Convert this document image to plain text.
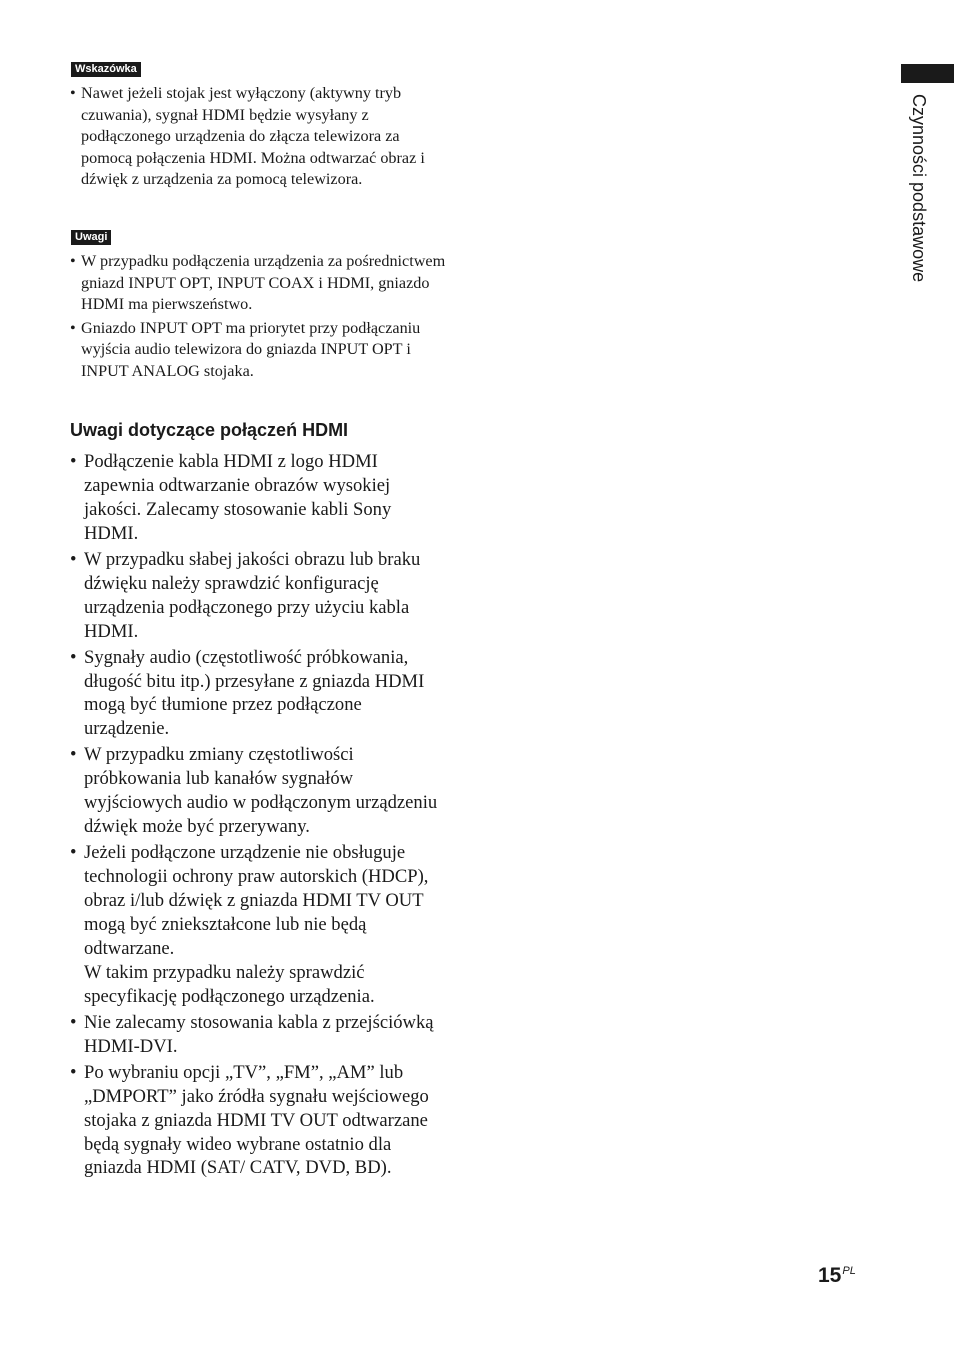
Wskazówka
• Nawet jeżeli stojak jest wyłączony (aktywny tryb czuwania), sygnał HDMI będzie wysyłany z podłączonego urządzenia do złącza telewizora za pomocą połączenia HDMI. Można odtwarzać obraz i dźwięk z urządzenia za pomocą telewizora.
Uwagi
• W przypadku podłączenia urządzenia za pośrednictwem gniazd INPUT OPT, INPUT COAX i HDMI, gniazdo HDMI ma pierwszeństwo.
• Gniazdo INPUT OPT ma priorytet przy podłączaniu wyjścia audio telewizora do gniazda INPUT OPT i INPUT ANALOG stojaka.
Uwagi dotyczące połączeń HDMI
• Podłączenie kabla HDMI z logo HDMI zapewnia odtwarzanie obrazów wysokiej jakości. Zalecamy stosowanie kabli Sony HDMI.
• W przypadku słabej jakości obrazu lub braku dźwięku należy sprawdzić konfigurację urządzenia podłączonego przy użyciu kabla HDMI.
• Sygnały audio (częstotliwość próbkowania, długość bitu itp.) przesyłane z gniazda HDMI mogą być tłumione przez podłączone urządzenie.
• W przypadku zmiany częstotliwości próbkowania lub kanałów sygnałów wyjściowych audio w podłączonym urządzeniu dźwięk może być przerywany.
• Jeżeli podłączone urządzenie nie obsługuje technologii ochrony praw autorskich (HDCP), obraz i/lub dźwięk z gniazda HDMI TV OUT mogą być zniekształcone lub nie będą odtwarzane.
W takim przypadku należy sprawdzić specyfikację podłączonego urządzenia.
• Nie zalecamy stosowania kabla z przejściówką HDMI-DVI.
• Po wybraniu opcji „TV”, „FM”, „AM” lub „DMPORT” jako źródła sygnału wejściowego stojaka z gniazda HDMI TV OUT odtwarzane będą sygnały wideo wybrane ostatnio dla gniazda HDMI (SAT/ CATV, DVD, BD).
Czynności podstawowe
$15^{PL}$
